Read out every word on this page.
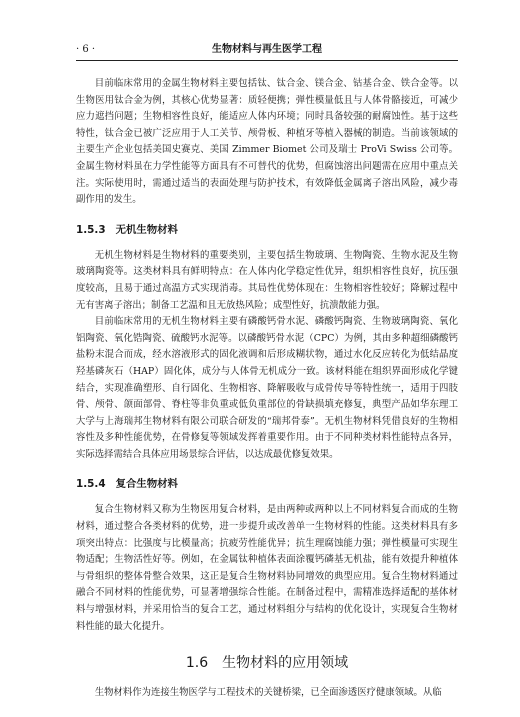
· 6 ·	生物材料与再生医学工程

目前临床常用的金属生物材料主要包括钛、钛合金、镁合金、钴基合金、铁合金等。以生物医用钛合金为例，其核心优势显著：质轻便携；弹性模量低且与人体骨骼接近，可减少应力遮挡问题；生物相容性良好，能适应人体内环境；同时具备较强的耐腐蚀性。基于这些特性，钛合金已被广泛应用于人工关节、颅骨板、种植牙等植入器械的制造。当前该领域的主要生产企业包括美国史赛克、美国 Zimmer Biomet 公司及瑞士 ProVi Swiss 公司等。金属生物材料虽在力学性能等方面具有不可替代的优势，但腐蚀溶出问题需在应用中重点关注。实际使用时，需通过适当的表面处理与防护技术，有效降低金属离子溶出风险，减少毒副作用的发生。

1.5.3 无机生物材料

无机生物材料是生物材料的重要类别，主要包括生物玻璃、生物陶瓷、生物水泥及生物玻璃陶瓷等。这类材料具有鲜明特点：在人体内化学稳定性优异，组织相容性良好，抗压强度较高，且易于通过高温方式实现消毒。其局性优势体现在：生物相容性较好；降解过程中无有害离子溶出；制备工艺温和且无放热风险；成型性好，抗溃散能力强。

目前临床常用的无机生物材料主要有磷酸钙骨水泥、磷酸钙陶瓷、生物玻璃陶瓷、氧化铝陶瓷、氧化锆陶瓷、硫酸钙水泥等。以磷酸钙骨水泥（CPC）为例，其由多种超细磷酸钙盐粉末混合而成，经水溶液形式的固化液调和后形成糊状物，通过水化反应转化为低结晶度羟基磷灰石（HAP）固化体，成分与人体骨无机成分一致。该材料能在组织界面形成化学键结合，实现准确塑形、自行固化、生物相容、降解吸收与成骨传导等特性统一，适用于四肢骨、颅骨、颌面部骨、脊柱等非负重或低负重部位的骨缺损填充修复，典型产品如华东理工大学与上海瑞邦生物材料有限公司联合研发的“瑞邦骨泰”。无机生物材料凭借良好的生物相容性及多种性能优势，在骨修复等领域发挥着重要作用。由于不同种类材料性能特点各异，实际选择需结合具体应用场景综合评估，以达成最优修复效果。

1.5.4 复合生物材料

复合生物材料又称为生物医用复合材料，是由两种或两种以上不同材料复合而成的生物材料，通过整合各类材料的优势，进一步提升或改善单一生物材料的性能。这类材料具有多项突出特点：比强度与比模量高；抗疲劳性能优异；抗生理腐蚀能力强；弹性模量可实现生物适配；生物活性好等。例如，在金属钛种植体表面涂覆钙磷基无机盐，能有效提升种植体与骨组织的整体骨整合效果，这正是复合生物材料协同增效的典型应用。复合生物材料通过融合不同材料的性能优势，可显著增强综合性能。在制备过程中，需精准选择适配的基体材料与增强材料，并采用恰当的复合工艺，通过材料组分与结构的优化设计，实现复合生物材料性能的最大化提升。

1.6 生物材料的应用领域

生物材料作为连接生物医学与工程技术的关键桥梁，已全面渗透医疗健康领域。从临
